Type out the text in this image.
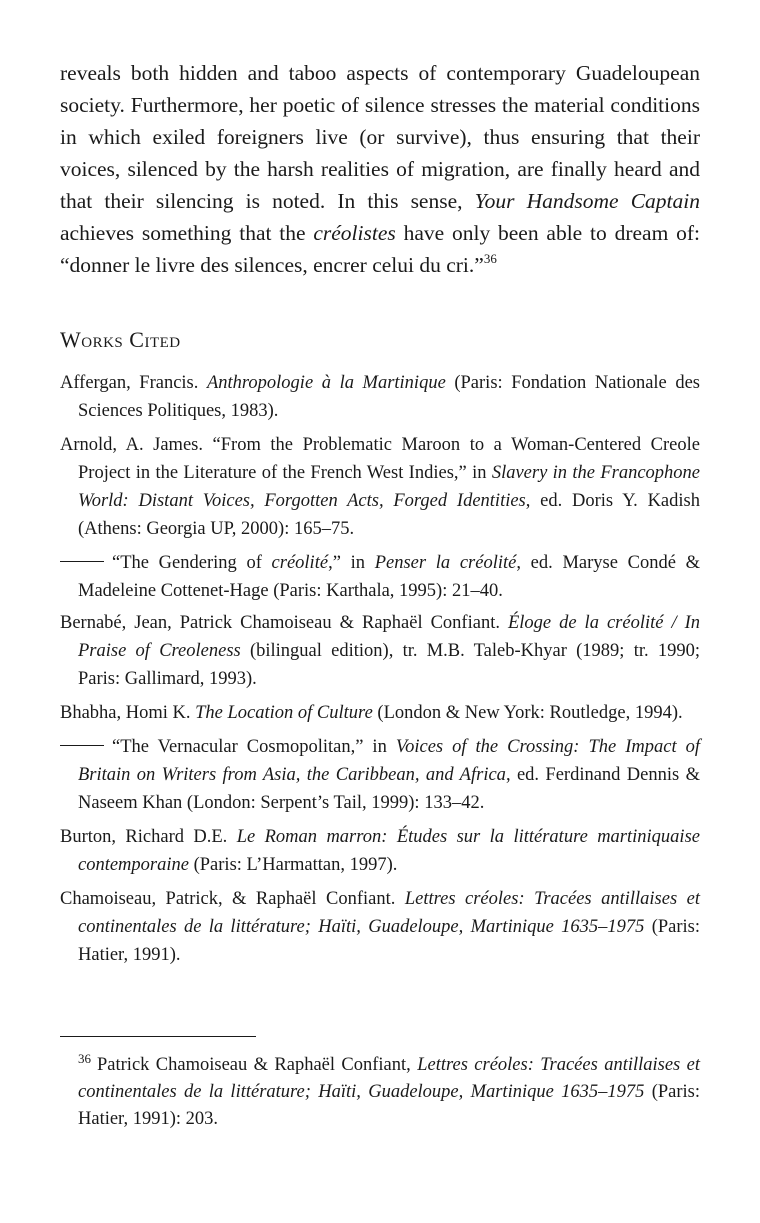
reveals both hidden and taboo aspects of contemporary Guadeloupean society. Furthermore, her poetic of silence stresses the material conditions in which exiled foreigners live (or survive), thus ensuring that their voices, silenced by the harsh realities of migration, are finally heard and that their silencing is noted. In this sense, Your Handsome Captain achieves something that the créolistes have only been able to dream of: “donner le livre des silences, encrer celui du cri.”$^{36}$

Works Cited

Affergan, Francis. Anthropologie à la Martinique (Paris: Fondation Nationale des Sciences Politiques, 1983).

Arnold, A. James. “From the Problematic Maroon to a Woman-Centered Creole Project in the Literature of the French West Indies,” in Slavery in the Francophone World: Distant Voices, Forgotten Acts, Forged Identities, ed. Doris Y. Kadish (Athens: Georgia UP, 2000): 165–75.

“The Gendering of créolité,” in Penser la créolité, ed. Maryse Condé & Madeleine Cottenet-Hage (Paris: Karthala, 1995): 21–40.

Bernabé, Jean, Patrick Chamoiseau & Raphaël Confiant. Éloge de la créolité / In Praise of Creoleness (bilingual edition), tr. M.B. Taleb-Khyar (1989; tr. 1990; Paris: Gallimard, 1993).

Bhabha, Homi K. The Location of Culture (London & New York: Routledge, 1994).

“The Vernacular Cosmopolitan,” in Voices of the Crossing: The Impact of Britain on Writers from Asia, the Caribbean, and Africa, ed. Ferdinand Dennis & Naseem Khan (London: Serpent’s Tail, 1999): 133–42.

Burton, Richard D.E. Le Roman marron: Études sur la littérature martiniquaise contemporaine (Paris: L’Harmattan, 1997).

Chamoiseau, Patrick, & Raphaël Confiant. Lettres créoles: Tracées antillaises et continentales de la littérature; Haïti, Guadeloupe, Martinique 1635–1975 (Paris: Hatier, 1991).

$^{36}$ Patrick Chamoiseau & Raphaël Confiant, Lettres créoles: Tracées antillaises et continentales de la littérature; Haïti, Guadeloupe, Martinique 1635–1975 (Paris: Hatier, 1991): 203.
